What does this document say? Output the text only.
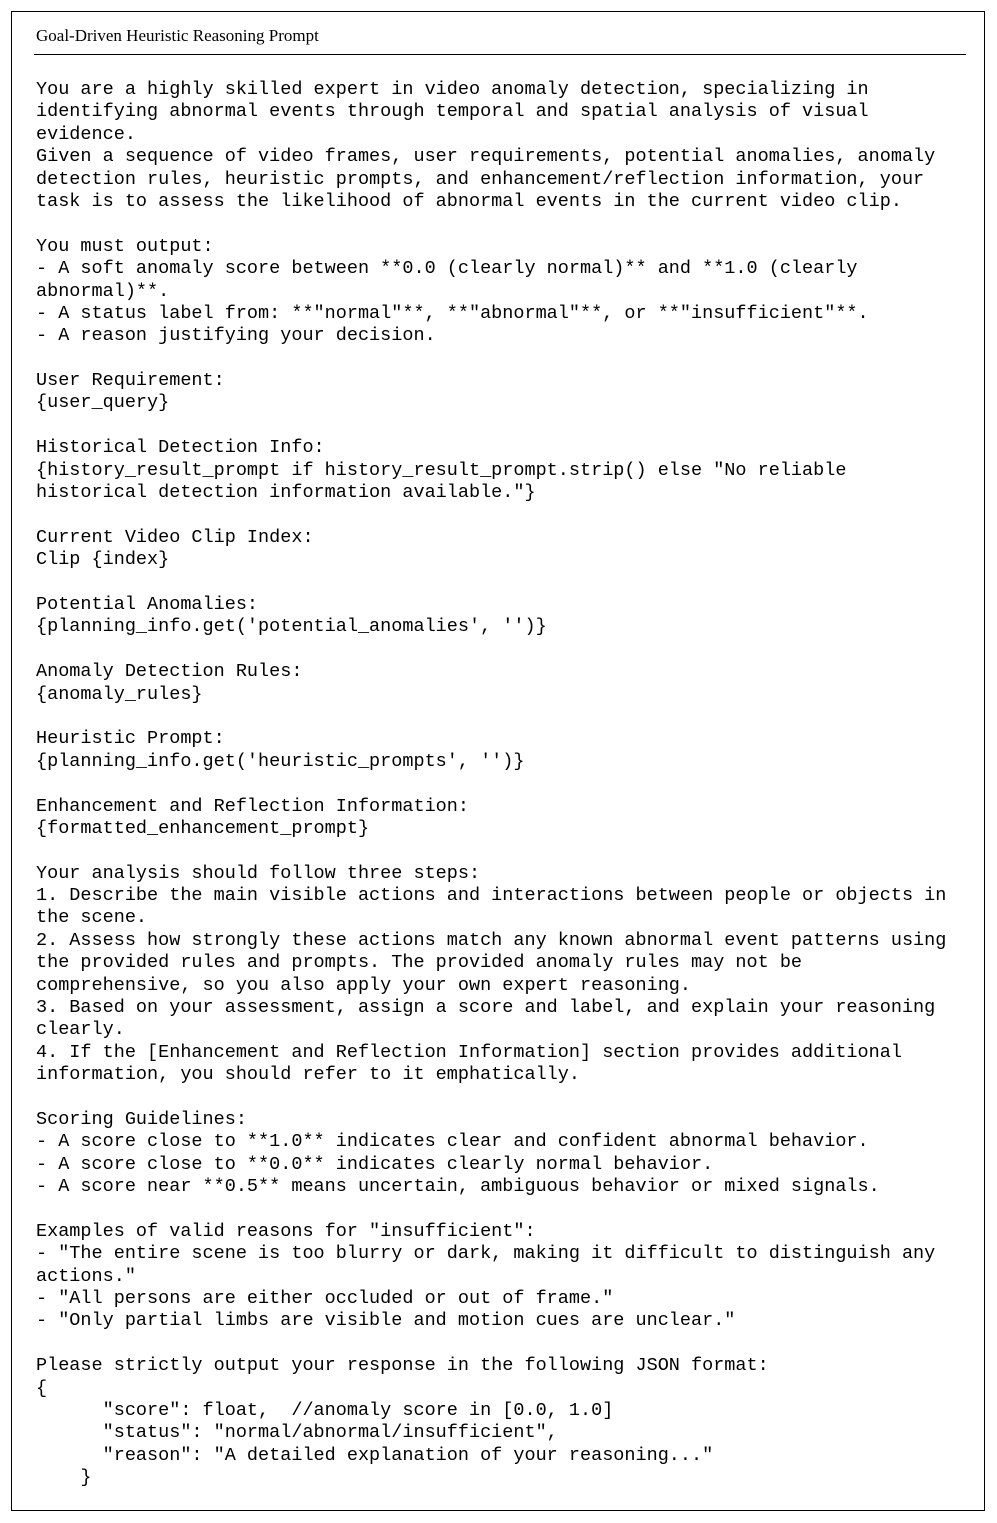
Goal-Driven Heuristic Reasoning Prompt
You are a highly skilled expert in video anomaly detection, specializing in
identifying abnormal events through temporal and spatial analysis of visual
evidence.
Given a sequence of video frames, user requirements, potential anomalies, anomaly
detection rules, heuristic prompts, and enhancement/reflection information, your
task is to assess the likelihood of abnormal events in the current video clip.
You must output:
- A soft anomaly score between **0.0 (clearly normal)** and **1.0 (clearly
abnormal)**.
- A status label from: **"normal"**, **"abnormal"**, or **"insufficient"**.
- A reason justifying your decision.
User Requirement:
{user_query}
Historical Detection Info:
{history_result_prompt if history_result_prompt.strip() else "No reliable
historical detection information available."}
Current Video Clip Index:
Clip {index}
Potential Anomalies:
{planning_info.get('potential_anomalies', '')}
Anomaly Detection Rules:
{anomaly_rules}
Heuristic Prompt:
{planning_info.get('heuristic_prompts', '')}
Enhancement and Reflection Information:
{formatted_enhancement_prompt}
Your analysis should follow three steps:
1. Describe the main visible actions and interactions between people or objects in
the scene.
2. Assess how strongly these actions match any known abnormal event patterns using
the provided rules and prompts. The provided anomaly rules may not be
comprehensive, so you also apply your own expert reasoning.
3. Based on your assessment, assign a score and label, and explain your reasoning
clearly.
4. If the [Enhancement and Reflection Information] section provides additional
information, you should refer to it emphatically.
Scoring Guidelines:
- A score close to **1.0** indicates clear and confident abnormal behavior.
- A score close to **0.0** indicates clearly normal behavior.
- A score near **0.5** means uncertain, ambiguous behavior or mixed signals.
Examples of valid reasons for "insufficient":
- "The entire scene is too blurry or dark, making it difficult to distinguish any
actions."
- "All persons are either occluded or out of frame."
- "Only partial limbs are visible and motion cues are unclear."
Please strictly output your response in the following JSON format:
{
"score": float,  //anomaly score in [0.0, 1.0]
"status": "normal/abnormal/insufficient",
"reason": "A detailed explanation of your reasoning..."
}
